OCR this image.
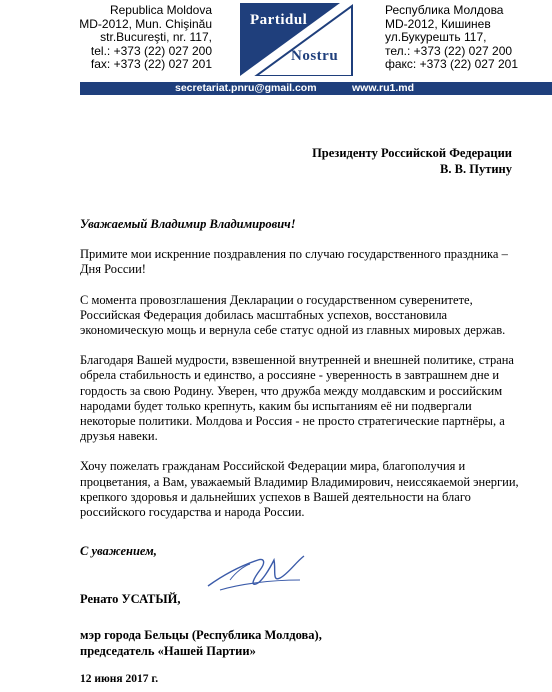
Republica Moldova
MD-2012, Mun. Chişinău
str.Bucureşti, nr. 117,
tel.: +373 (22) 027 200
fax: +373 (22) 027 201
Partidul
Nostru
Республика Молдова
MD-2012, Кишинев
ул.Букурешть 117,
тел.: +373 (22) 027 200
факс: +373 (22) 027 201
secretariat.pnru@gmail.com	www.ru1.md
Президенту Российской Федерации
В. В. Путину

Уважаемый Владимир Владимирович!

Примите мои искренние поздравления по случаю государственного праздника – Дня России!

С момента провозглашения Декларации о государственном суверенитете, Российская Федерация добилась масштабных успехов, восстановила экономическую мощь и вернула себе статус одной из главных мировых держав.

Благодаря Вашей мудрости, взвешенной внутренней и внешней политике, страна обрела стабильность и единство, а россияне - уверенность в завтрашнем дне и гордость за свою Родину. Уверен, что дружба между молдавским и российским народами будет только крепнуть, каким бы испытаниям её ни подвергали некоторые политики. Молдова и Россия - не просто стратегические партнёры, а друзья навеки.

Хочу пожелать гражданам Российской Федерации мира, благополучия и процветания, а Вам, уважаемый Владимир Владимирович, неиссякаемой энергии, крепкого здоровья и дальнейших успехов в Вашей деятельности на благо российского государства и народа России.

С уважением,
Ренато УСАТЫЙ,
мэр города Бельцы (Республика Молдова),
председатель «Нашей Партии»
12 июня 2017 г.
